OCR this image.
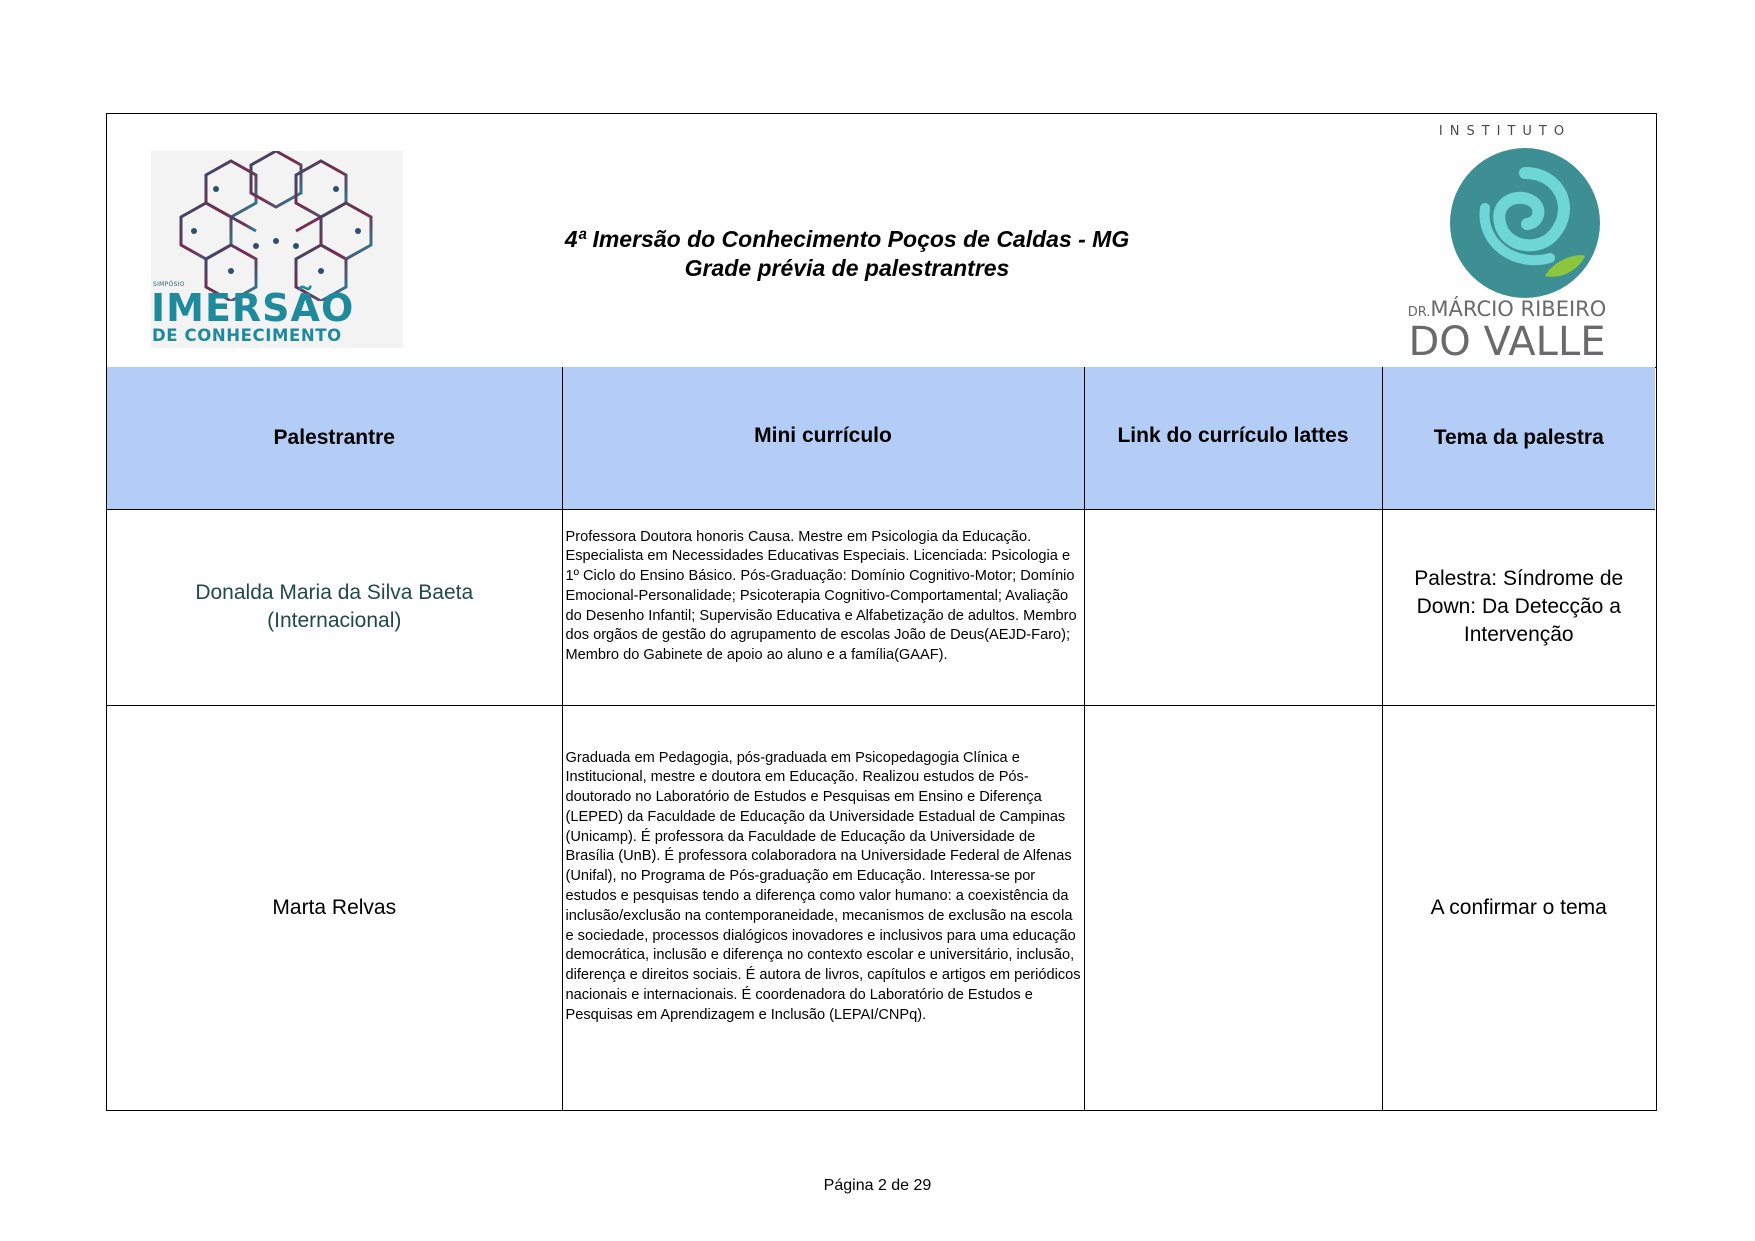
SIMPÓSIO
IMERSÃO
DE CONHECIMENTO
4ª Imersão do Conhecimento Poços de Caldas - MG
Grade prévia de palestrantres
INSTITUTO
DR.MÁRCIO RIBEIRO
DO VALLE
Palestrantre	Mini currículo	Link do currículo lattes	Tema da palestra

Donalda Maria da Silva Baeta
(Internacional)	Professora Doutora honoris Causa. Mestre em Psicologia da Educação. Especialista em Necessidades Educativas Especiais. Licenciada: Psicologia e 1º Ciclo do Ensino Básico. Pós-Graduação: Domínio Cognitivo-Motor; Domínio Emocional-Personalidade; Psicoterapia Cognitivo-Comportamental; Avaliação do Desenho Infantil; Supervisão Educativa e Alfabetização de adultos. Membro dos orgãos de gestão do agrupamento de escolas João de Deus(AEJD-Faro); Membro do Gabinete de apoio ao aluno e a família(GAAF).		Palestra: Síndrome de Down: Da Detecção a Intervenção

Marta Relvas	Graduada em Pedagogia, pós-graduada em Psicopedagogia Clínica e Institucional, mestre e doutora em Educação. Realizou estudos de Pós-doutorado no Laboratório de Estudos e Pesquisas em Ensino e Diferença (LEPED) da Faculdade de Educação da Universidade Estadual de Campinas (Unicamp). É professora da Faculdade de Educação da Universidade de Brasília (UnB). É professora colaboradora na Universidade Federal de Alfenas (Unifal), no Programa de Pós-graduação em Educação. Interessa-se por estudos e pesquisas tendo a diferença como valor humano: a coexistência da inclusão/exclusão na contemporaneidade, mecanismos de exclusão na escola e sociedade, processos dialógicos inovadores e inclusivos para uma educação democrática, inclusão e diferença no contexto escolar e universitário, inclusão, diferença e direitos sociais. É autora de livros, capítulos e artigos em periódicos nacionais e internacionais. É coordenadora do Laboratório de Estudos e Pesquisas em Aprendizagem e Inclusão (LEPAI/CNPq).		A confirmar o tema
Página 2 de 29
